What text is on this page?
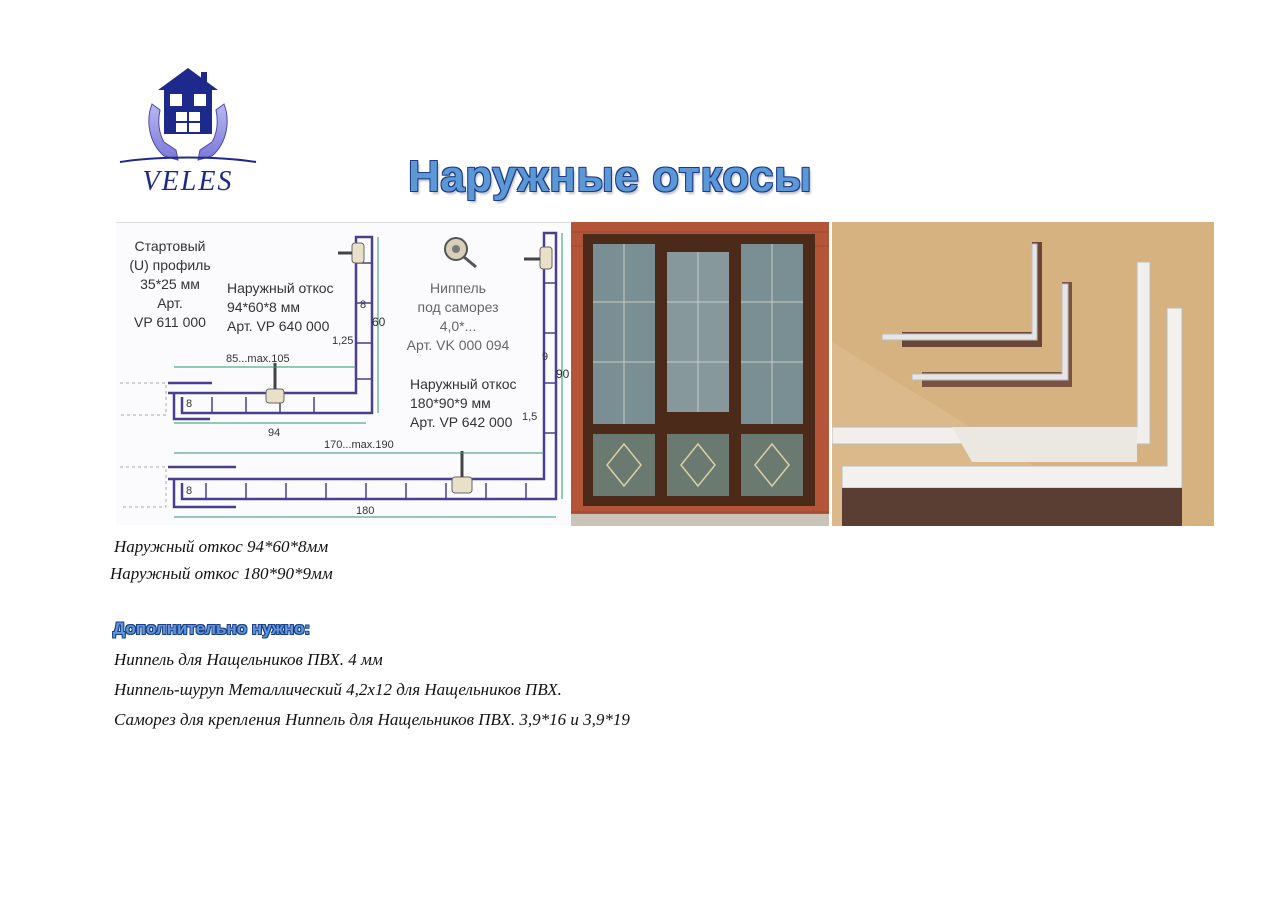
VELES	Наружные откосы
Стартовый
(U) профиль
35*25 мм
Арт.
VP 611 000
Наружный откос
94*60*8 мм
Арт. VP 640 000
Ниппель
под саморез 4,0*...
Арт. VK 000 094
Наружный откос
180*90*9 мм
Арт. VP 642 000
8
60
1,25
85...max.105
8
94
9
90
1,5
170...max.190
8
180
Наружный откос 94*60*8мм
Наружный откос 180*90*9мм
Дополнительно нужно:
Ниппель для Нащельников ПВХ. 4 мм
Ниппель-шуруп Металлический 4,2х12 для Нащельников ПВХ.
Саморез для крепления Ниппель для Нащельников ПВХ. 3,9*16 и 3,9*19
